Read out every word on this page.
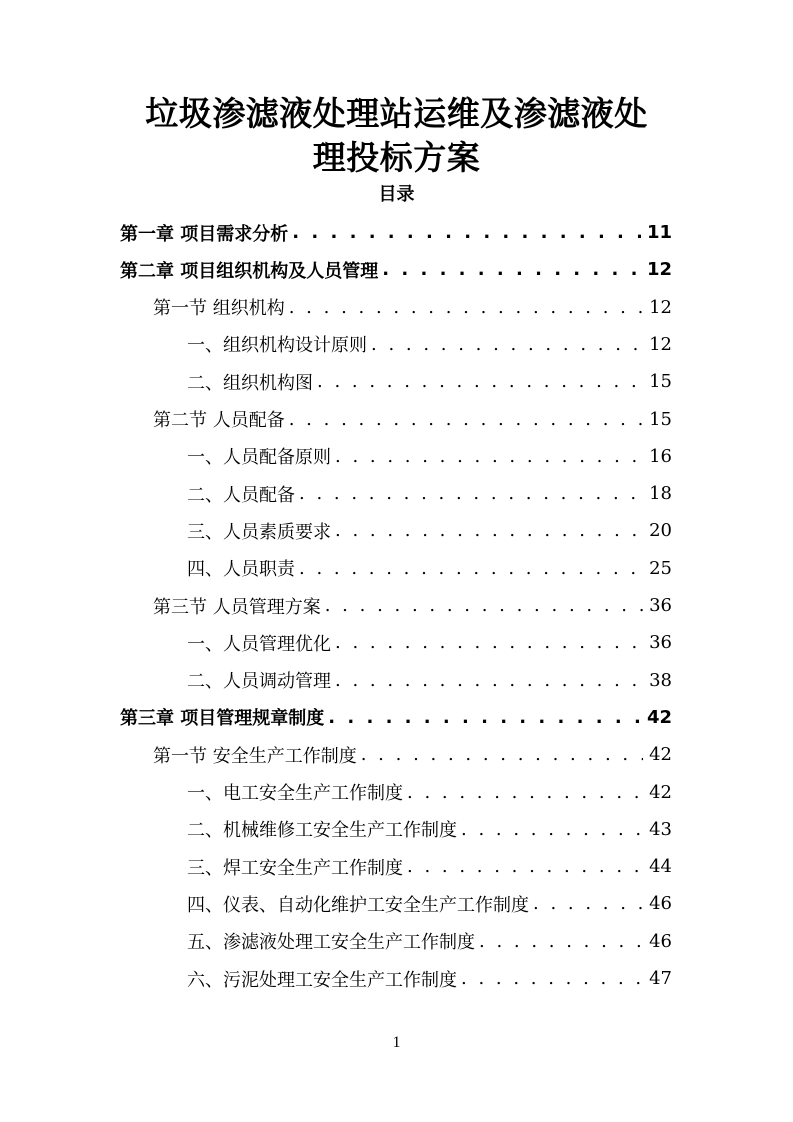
垃圾渗滤液处理站运维及渗滤液处
理投标方案
目录
第一章 项目需求分析 . . .	11
第二章 项目组织机构及人员管理 . . .	12
第一节 组织机构 . . .	12
一、组织机构设计原则 . . .	12
二、组织机构图 . . .	15
第二节 人员配备 . . .	15
一、人员配备原则 . . .	16
二、人员配备 . . .	18
三、人员素质要求 . . .	20
四、人员职责 . . .	25
第三节 人员管理方案 . . .	36
一、人员管理优化 . . .	36
二、人员调动管理 . . .	38
第三章 项目管理规章制度 . . .	42
第一节 安全生产工作制度 . . .	42
一、电工安全生产工作制度 . . .	42
二、机械维修工安全生产工作制度 . . .	43
三、焊工安全生产工作制度 . . .	44
四、仪表、自动化维护工安全生产工作制度 . . .	46
五、渗滤液处理工安全生产工作制度 . . .	46
六、污泥处理工安全生产工作制度 . . .	47
1
